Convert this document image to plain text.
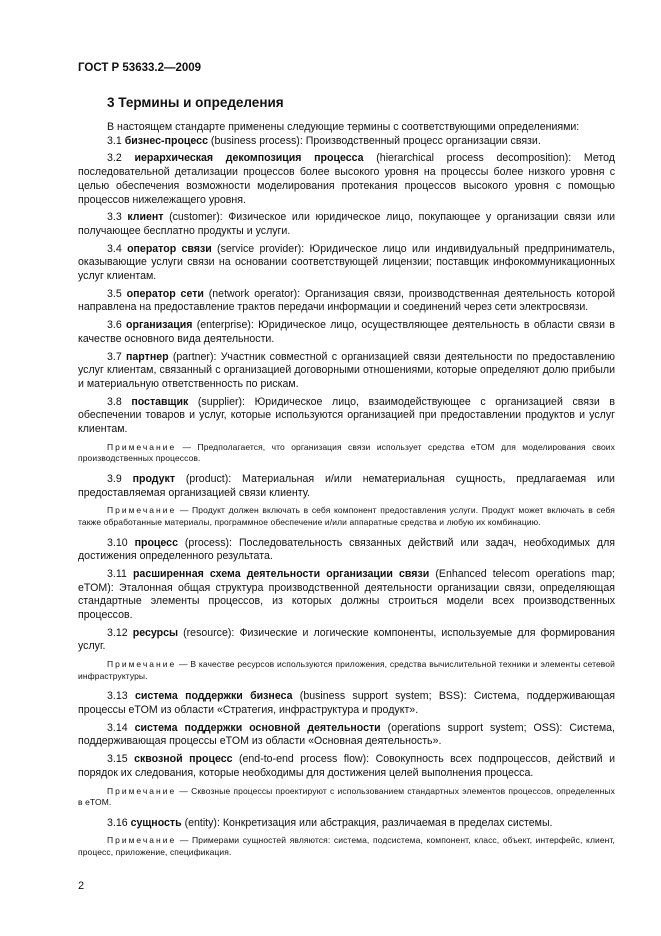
ГОСТ Р 53633.2—2009
3 Термины и определения

В настоящем стандарте применены следующие термины с соответствующими определениями:

3.1 бизнес-процесс (business process): Производственный процесс организации связи.

3.2 иерархическая декомпозиция процесса (hierarchical process decomposition): Метод последовательной детализации процессов более высокого уровня на процессы более низкого уровня с целью обеспечения возможности моделирования протекания процессов высокого уровня с помощью процессов нижележащего уровня.

3.3 клиент (customer): Физическое или юридическое лицо, покупающее у организации связи или получающее бесплатно продукты и услуги.

3.4 оператор связи (service provider): Юридическое лицо или индивидуальный предприниматель, оказывающие услуги связи на основании соответствующей лицензии; поставщик инфокоммуникационных услуг клиентам.

3.5 оператор сети (network operator): Организация связи, производственная деятельность которой направлена на предоставление трактов передачи информации и соединений через сети электросвязи.

3.6 организация (enterprise): Юридическое лицо, осуществляющее деятельность в области связи в качестве основного вида деятельности.

3.7 партнер (partner): Участник совместной с организацией связи деятельности по предоставлению услуг клиентам, связанный с организацией договорными отношениями, которые определяют долю прибыли и материальную ответственность по рискам.

3.8 поставщик (supplier): Юридическое лицо, взаимодействующее с организацией связи в обеспечении товаров и услуг, которые используются организацией при предоставлении продуктов и услуг клиентам.

Примечание — Предполагается, что организация связи использует средства eTOM для моделирования своих производственных процессов.

3.9 продукт (product): Материальная и/или нематериальная сущность, предлагаемая или предоставляемая организацией связи клиенту.

Примечание — Продукт должен включать в себя компонент предоставления услуги. Продукт может включать в себя также обработанные материалы, программное обеспечение и/или аппаратные средства и любую их комбинацию.

3.10 процесс (process): Последовательность связанных действий или задач, необходимых для достижения определенного результата.

3.11 расширенная схема деятельности организации связи (Enhanced telecom operations map; eTOM): Эталонная общая структура производственной деятельности организации связи, определяющая стандартные элементы процессов, из которых должны строиться модели всех производственных процессов.

3.12 ресурсы (resource): Физические и логические компоненты, используемые для формирования услуг.

Примечание — В качестве ресурсов используются приложения, средства вычислительной техники и элементы сетевой инфраструктуры.

3.13 система поддержки бизнеса (business support system; BSS): Система, поддерживающая процессы eTOM из области «Стратегия, инфраструктура и продукт».

3.14 система поддержки основной деятельности (operations support system; OSS): Система, поддерживающая процессы eTOM из области «Основная деятельность».

3.15 сквозной процесс (end-to-end process flow): Совокупность всех подпроцессов, действий и порядок их следования, которые необходимы для достижения целей выполнения процесса.

Примечание — Сквозные процессы проектируют с использованием стандартных элементов процессов, определенных в eTOM.

3.16 сущность (entity): Конкретизация или абстракция, различаемая в пределах системы.

Примечание — Примерами сущностей являются: система, подсистема, компонент, класс, объект, интерфейс, клиент, процесс, приложение, спецификация.

2
